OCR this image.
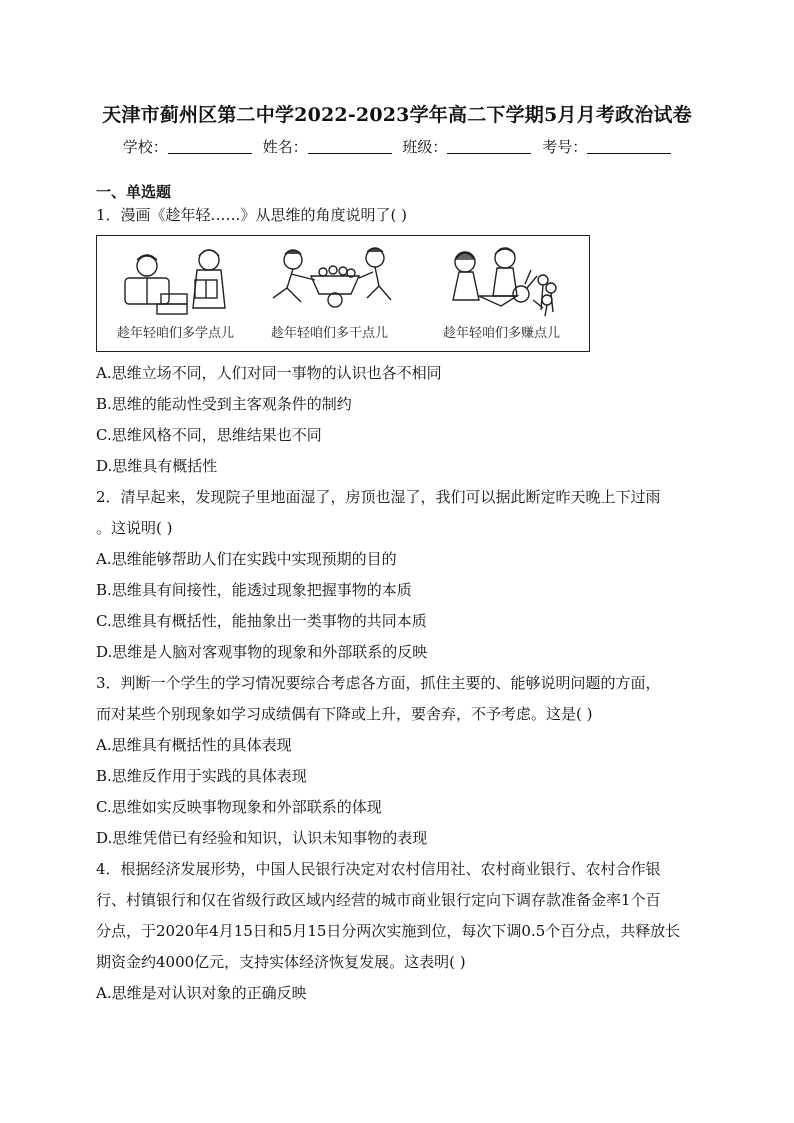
天津市蓟州区第二中学2022-2023学年高二下学期5月月考政治试卷
学校：	姓名：	班级：	考号：
一、单选题
1．漫画《趁年轻……》从思维的角度说明了( )
趁年轻咱们多学点儿	趁年轻咱们多干点儿	趁年轻咱们多赚点儿
A.思维立场不同，人们对同一事物的认识也各不相同
B.思维的能动性受到主客观条件的制约
C.思维风格不同，思维结果也不同
D.思维具有概括性
2．清早起来，发现院子里地面湿了，房顶也湿了，我们可以据此断定昨天晚上下过雨
。这说明( )
A.思维能够帮助人们在实践中实现预期的目的
B.思维具有间接性，能透过现象把握事物的本质
C.思维具有概括性，能抽象出一类事物的共同本质
D.思维是人脑对客观事物的现象和外部联系的反映
3．判断一个学生的学习情况要综合考虑各方面，抓住主要的、能够说明问题的方面，
而对某些个别现象如学习成绩偶有下降或上升，要舍弃，不予考虑。这是( )
A.思维具有概括性的具体表现
B.思维反作用于实践的具体表现
C.思维如实反映事物现象和外部联系的体现
D.思维凭借已有经验和知识，认识未知事物的表现
4．根据经济发展形势，中国人民银行决定对农村信用社、农村商业银行、农村合作银
行、村镇银行和仅在省级行政区域内经营的城市商业银行定向下调存款准备金率1个百
分点，于2020年4月15日和5月15日分两次实施到位，每次下调0.5个百分点，共释放长
期资金约4000亿元，支持实体经济恢复发展。这表明( )
A.思维是对认识对象的正确反映
